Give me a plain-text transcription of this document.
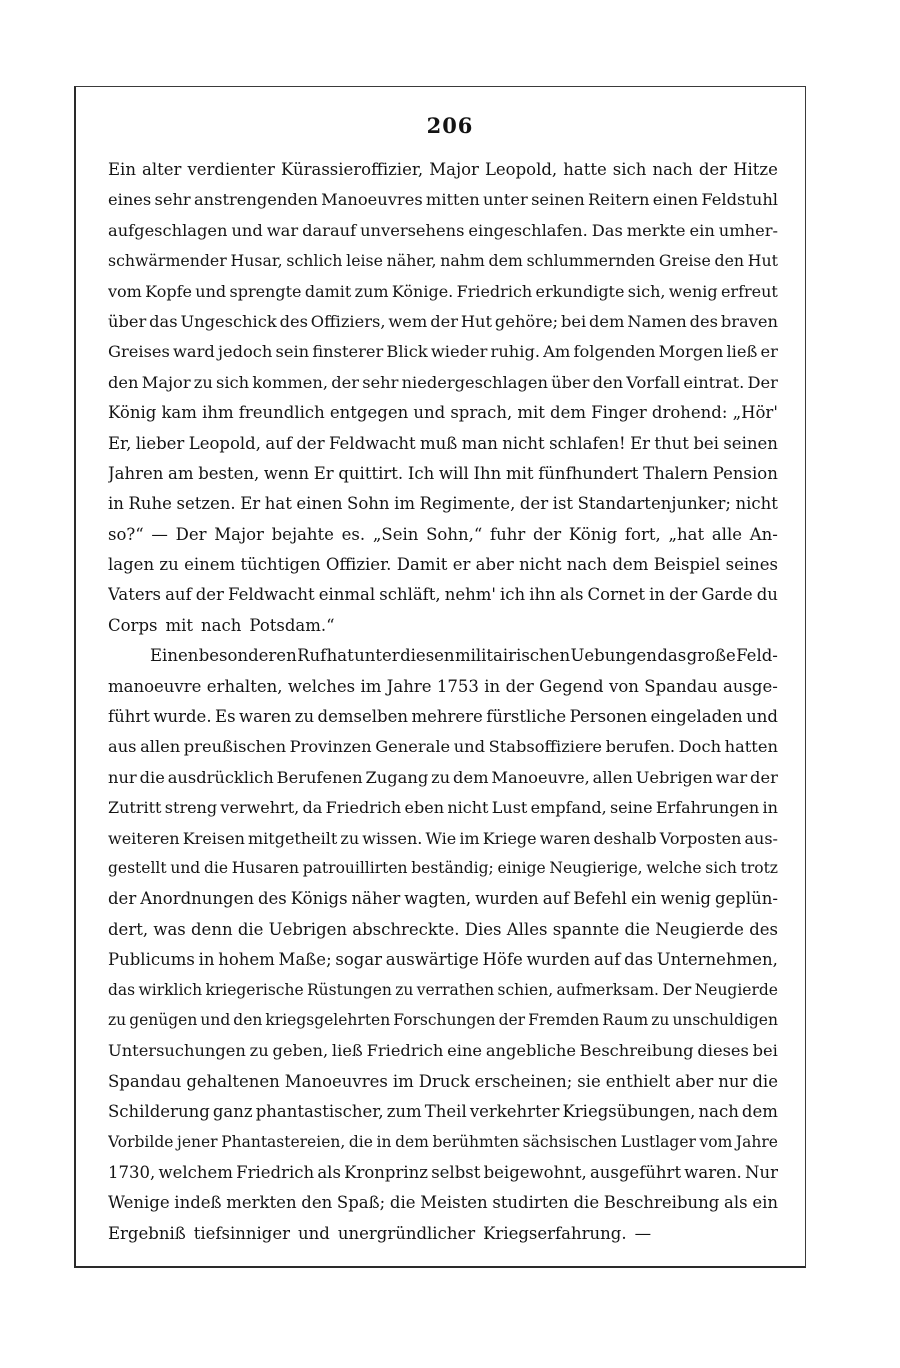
206
Ein alter verdienter Kürassieroffizier, Major Leopold, hatte sich nach der Hitze
eines sehr anstrengenden Manoeuvres mitten unter seinen Reitern einen Feldstuhl
aufgeschlagen und war darauf unversehens eingeschlafen. Das merkte ein umher-
schwärmender Husar, schlich leise näher, nahm dem schlummernden Greise den Hut
vom Kopfe und sprengte damit zum Könige. Friedrich erkundigte sich, wenig erfreut
über das Ungeschick des Offiziers, wem der Hut gehöre; bei dem Namen des braven
Greises ward jedoch sein finsterer Blick wieder ruhig. Am folgenden Morgen ließ er
den Major zu sich kommen, der sehr niedergeschlagen über den Vorfall eintrat. Der
König kam ihm freundlich entgegen und sprach, mit dem Finger drohend: „Hör'
Er, lieber Leopold, auf der Feldwacht muß man nicht schlafen! Er thut bei seinen
Jahren am besten, wenn Er quittirt. Ich will Ihn mit fünfhundert Thalern Pension
in Ruhe setzen. Er hat einen Sohn im Regimente, der ist Standartenjunker; nicht
so?“ — Der Major bejahte es. „Sein Sohn,“ fuhr der König fort, „hat alle An-
lagen zu einem tüchtigen Offizier. Damit er aber nicht nach dem Beispiel seines
Vaters auf der Feldwacht einmal schläft, nehm' ich ihn als Cornet in der Garde du
Corps mit nach Potsdam.“
Einen besonderen Ruf hat unter diesen militairischen Uebungen das große Feld-
manoeuvre erhalten, welches im Jahre 1753 in der Gegend von Spandau ausge-
führt wurde. Es waren zu demselben mehrere fürstliche Personen eingeladen und
aus allen preußischen Provinzen Generale und Stabsoffiziere berufen. Doch hatten
nur die ausdrücklich Berufenen Zugang zu dem Manoeuvre, allen Uebrigen war der
Zutritt streng verwehrt, da Friedrich eben nicht Lust empfand, seine Erfahrungen in
weiteren Kreisen mitgetheilt zu wissen. Wie im Kriege waren deshalb Vorposten aus-
gestellt und die Husaren patrouillirten beständig; einige Neugierige, welche sich trotz
der Anordnungen des Königs näher wagten, wurden auf Befehl ein wenig geplün-
dert, was denn die Uebrigen abschreckte. Dies Alles spannte die Neugierde des
Publicums in hohem Maße; sogar auswärtige Höfe wurden auf das Unternehmen,
das wirklich kriegerische Rüstungen zu verrathen schien, aufmerksam. Der Neugierde
zu genügen und den kriegsgelehrten Forschungen der Fremden Raum zu unschuldigen
Untersuchungen zu geben, ließ Friedrich eine angebliche Beschreibung dieses bei
Spandau gehaltenen Manoeuvres im Druck erscheinen; sie enthielt aber nur die
Schilderung ganz phantastischer, zum Theil verkehrter Kriegsübungen, nach dem
Vorbilde jener Phantastereien, die in dem berühmten sächsischen Lustlager vom Jahre
1730, welchem Friedrich als Kronprinz selbst beigewohnt, ausgeführt waren. Nur
Wenige indeß merkten den Spaß; die Meisten studirten die Beschreibung als ein
Ergebniß tiefsinniger und unergründlicher Kriegserfahrung. —
